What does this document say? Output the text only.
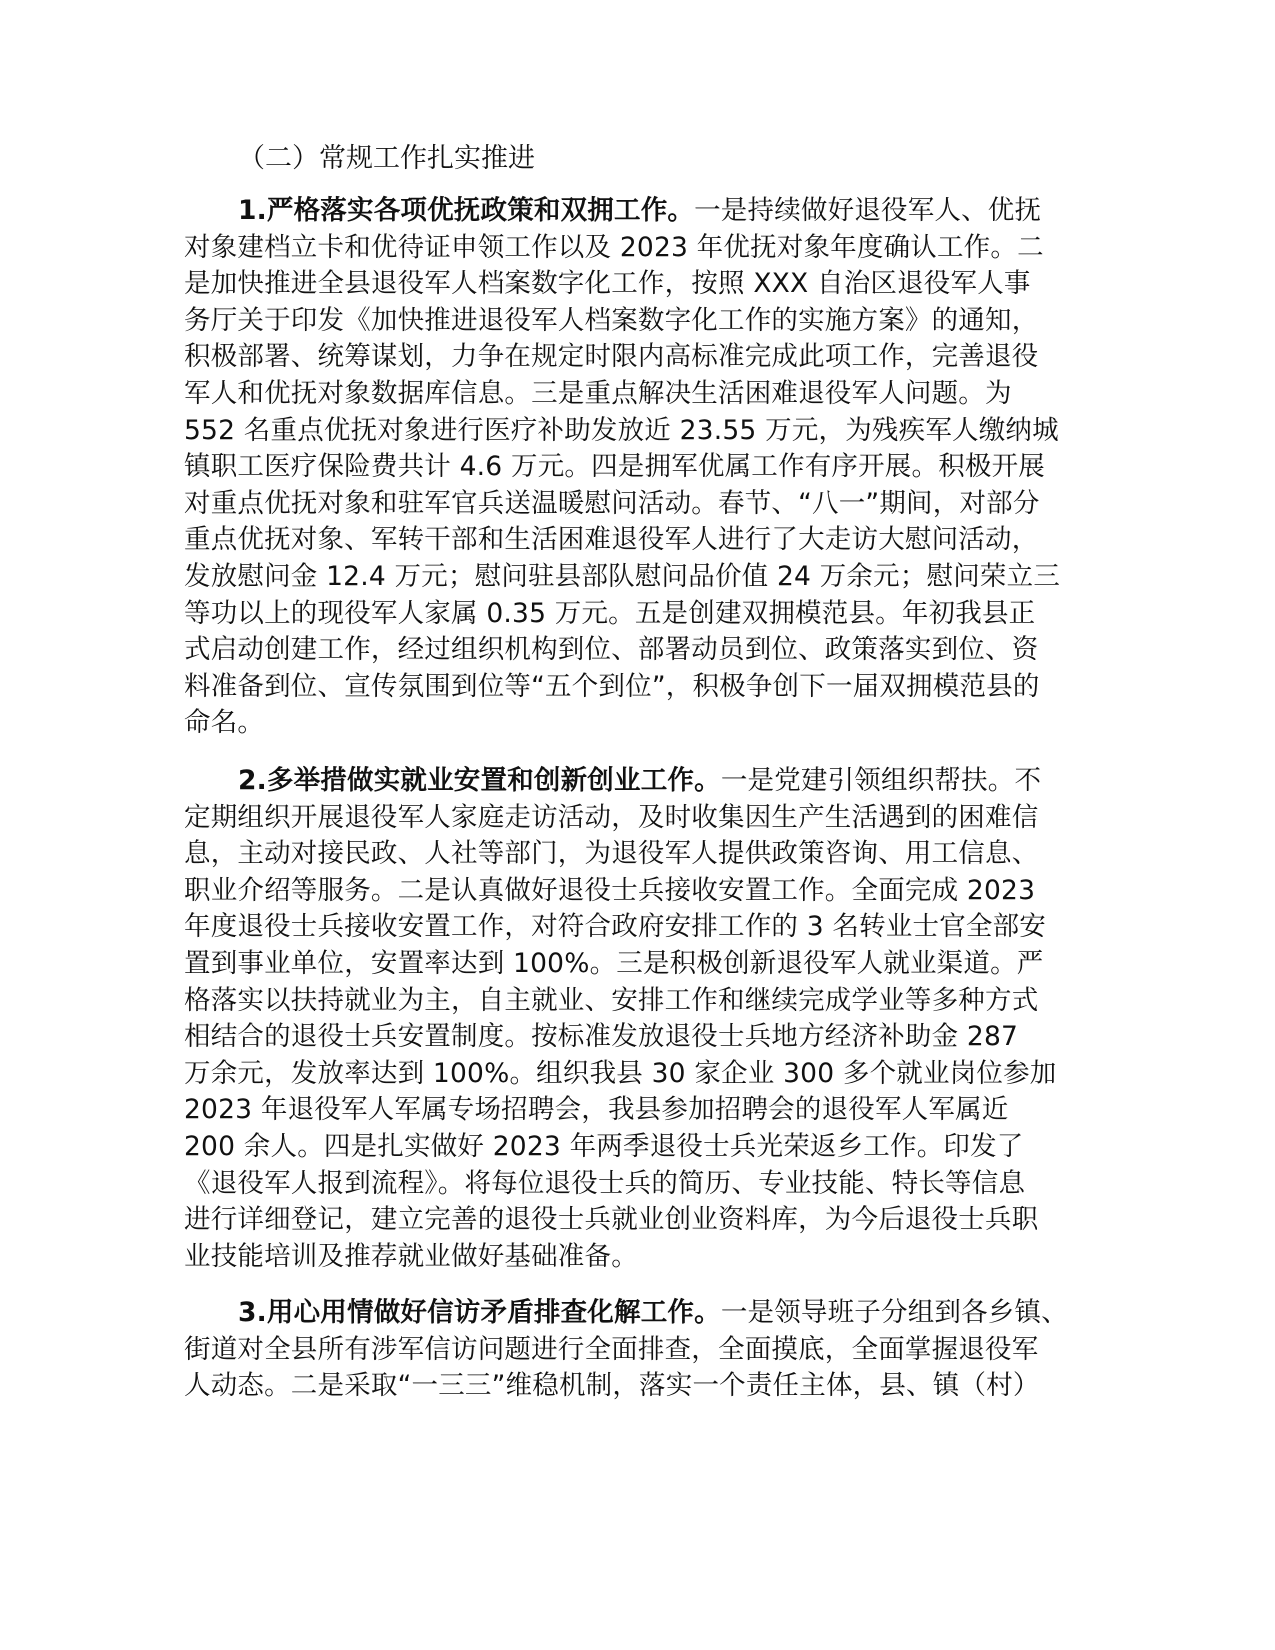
（二）常规工作扎实推进
1.严格落实各项优抚政策和双拥工作。一是持续做好退役军人、优抚
对象建档立卡和优待证申领工作以及 2023 年优抚对象年度确认工作。二
是加快推进全县退役军人档案数字化工作，按照 XXX 自治区退役军人事
务厅关于印发《加快推进退役军人档案数字化工作的实施方案》的通知，
积极部署、统筹谋划，力争在规定时限内高标准完成此项工作，完善退役
军人和优抚对象数据库信息。三是重点解决生活困难退役军人问题。为
552 名重点优抚对象进行医疗补助发放近 23.55 万元，为残疾军人缴纳城
镇职工医疗保险费共计 4.6 万元。四是拥军优属工作有序开展。积极开展
对重点优抚对象和驻军官兵送温暖慰问活动。春节、“八一”期间，对部分
重点优抚对象、军转干部和生活困难退役军人进行了大走访大慰问活动，
发放慰问金 12.4 万元；慰问驻县部队慰问品价值 24 万余元；慰问荣立三
等功以上的现役军人家属 0.35 万元。五是创建双拥模范县。年初我县正
式启动创建工作，经过组织机构到位、部署动员到位、政策落实到位、资
料准备到位、宣传氛围到位等“五个到位”，积极争创下一届双拥模范县的
命名。
2.多举措做实就业安置和创新创业工作。一是党建引领组织帮扶。不
定期组织开展退役军人家庭走访活动，及时收集因生产生活遇到的困难信
息，主动对接民政、人社等部门，为退役军人提供政策咨询、用工信息、
职业介绍等服务。二是认真做好退役士兵接收安置工作。全面完成 2023
年度退役士兵接收安置工作，对符合政府安排工作的 3 名转业士官全部安
置到事业单位，安置率达到 100%。三是积极创新退役军人就业渠道。严
格落实以扶持就业为主，自主就业、安排工作和继续完成学业等多种方式
相结合的退役士兵安置制度。按标准发放退役士兵地方经济补助金 287
万余元，发放率达到 100%。组织我县 30 家企业 300 多个就业岗位参加
2023 年退役军人军属专场招聘会，我县参加招聘会的退役军人军属近
200 余人。四是扎实做好 2023 年两季退役士兵光荣返乡工作。印发了
《退役军人报到流程》。将每位退役士兵的简历、专业技能、特长等信息
进行详细登记，建立完善的退役士兵就业创业资料库，为今后退役士兵职
业技能培训及推荐就业做好基础准备。
3.用心用情做好信访矛盾排查化解工作。一是领导班子分组到各乡镇、
街道对全县所有涉军信访问题进行全面排查，全面摸底，全面掌握退役军
人动态。二是采取“一三三”维稳机制，落实一个责任主体，县、镇（村）
